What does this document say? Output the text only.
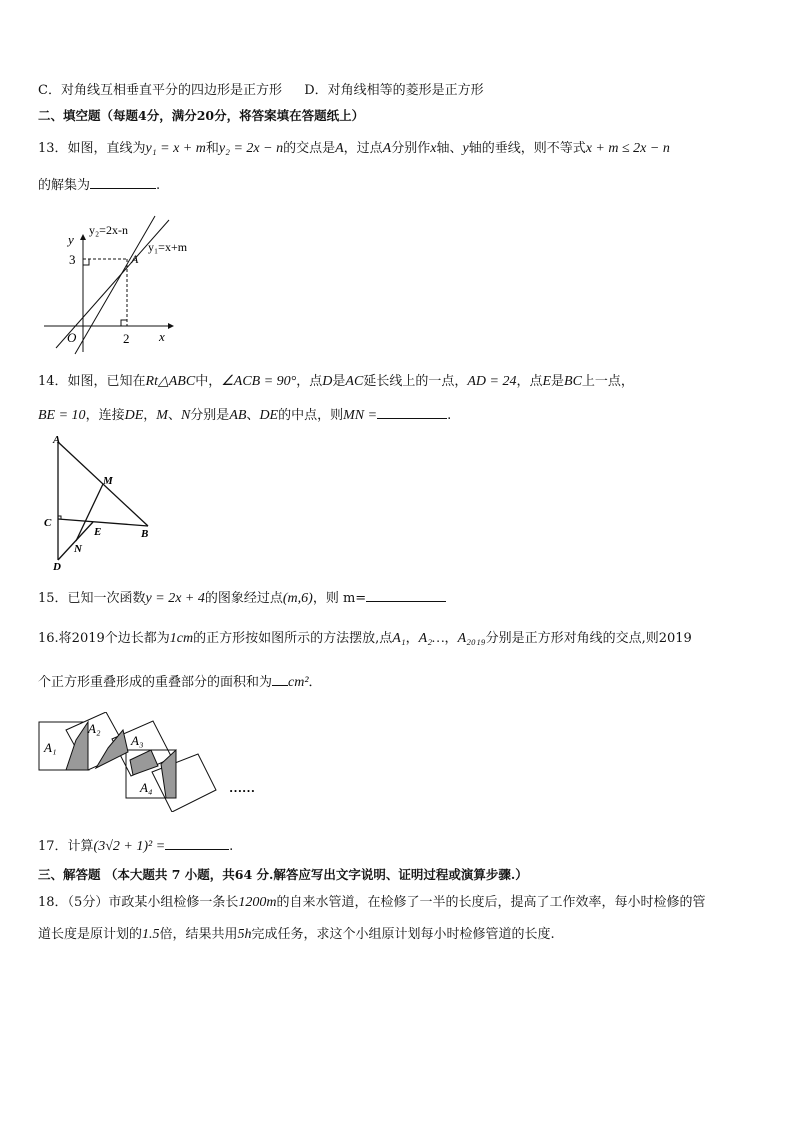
C．对角线互相垂直平分的四边形是正方形 D．对角线相等的菱形是正方形
二、填空题（每题4分，满分20分，将答案填在答题纸上）
13．如图，直线为y₁ = x + m和y₂ = 2x − n的交点是A，过点A分别作x轴、y轴的垂线，则不等式x + m ≤ 2x − n
的解集为	.
y₂=2x-n
y₁=x+m
A
y
3
O	2 x
14．如图，已知在Rt△ABC中，∠ACB = 90°，点D是AC延长线上的一点，AD = 24，点E是BC上一点，
BE = 10，连接DE，M、N分别是AB、DE的中点，则MN =	.
A
M
C
E	B
N
D
15．已知一次函数y = 2x + 4的图象经过点(m,6)，则 m=
16.将2019个边长都为1cm的正方形按如图所示的方法摆放,点A₁，A₂…，A₂₀₁₉分别是正方形对角线的交点,则2019
个正方形重叠形成的重叠部分的面积和为 cm²．
A₁
A₂
A₃
A₄	……
17．计算(3√2 + 1)² =	.
三、解答题 （本大题共 7 小题，共64 分.解答应写出文字说明、证明过程或演算步骤.）
18．（5分）市政某小组检修一条长1200m的自来水管道，在检修了一半的长度后，提高了工作效率，每小时检修的管
道长度是原计划的1.5倍，结果共用5h完成任务，求这个小组原计划每小时检修管道的长度.
